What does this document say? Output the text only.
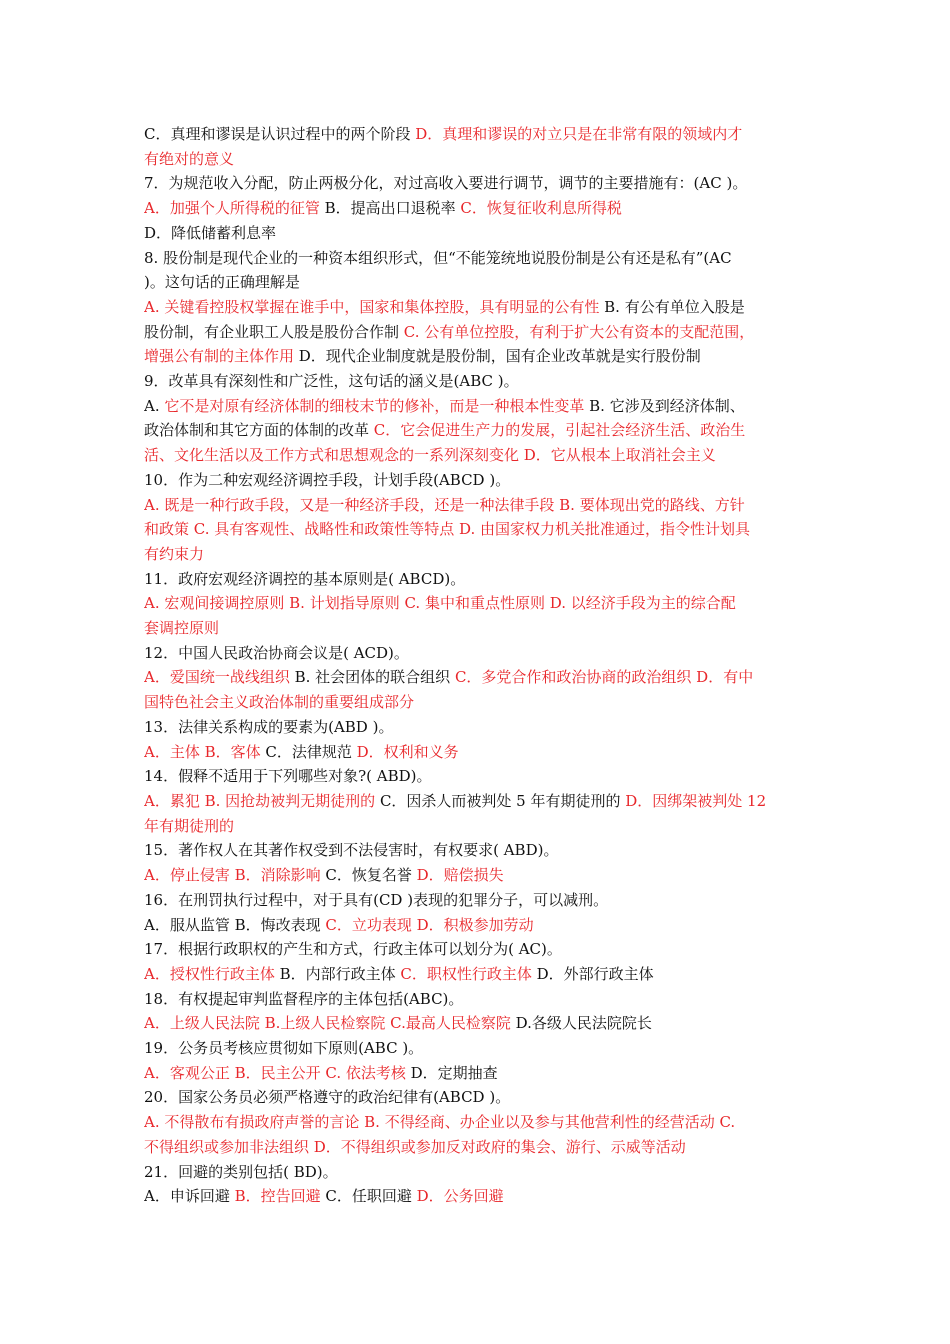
C．真理和谬误是认识过程中的两个阶段 D．真理和谬误的对立只是在非常有限的领域内才
有绝对的意义
7．为规范收入分配，防止两极分化，对过高收入要进行调节，调节的主要措施有：(AC )。
A．加强个人所得税的征管 B．提高出口退税率 C．恢复征收利息所得税
D．降低储蓄利息率
8. 股份制是现代企业的一种资本组织形式，但“不能笼统地说股份制是公有还是私有”(AC
)。这句话的正确理解是
A. 关键看控股权掌握在谁手中，国家和集体控股，具有明显的公有性 B. 有公有单位入股是
股份制，有企业职工人股是股份合作制 C. 公有单位控股，有利于扩大公有资本的支配范围，
增强公有制的主体作用 D．现代企业制度就是股份制，国有企业改革就是实行股份制
9．改革具有深刻性和广泛性，这句话的涵义是(ABC )。
A. 它不是对原有经济体制的细枝末节的修补，而是一种根本性变革 B. 它涉及到经济体制、
政治体制和其它方面的体制的改革 C．它会促进生产力的发展，引起社会经济生活、政治生
活、文化生活以及工作方式和思想观念的一系列深刻变化 D．它从根本上取消社会主义
10．作为二种宏观经济调控手段，计划手段(ABCD )。
A. 既是一种行政手段，又是一种经济手段，还是一种法律手段 B. 要体现出党的路线、方针
和政策 C. 具有客观性、战略性和政策性等特点 D. 由国家权力机关批准通过，指令性计划具
有约束力
11．政府宏观经济调控的基本原则是( ABCD)。
A. 宏观间接调控原则 B. 计划指导原则 C. 集中和重点性原则 D. 以经济手段为主的综合配
套调控原则
12．中国人民政治协商会议是( ACD)。
A．爱国统一战线组织 B. 社会团体的联合组织 C．多党合作和政治协商的政治组织 D．有中
国特色社会主义政治体制的重要组成部分
13．法律关系构成的要素为(ABD )。
A．主体 B．客体 C．法律规范 D．权利和义务
14．假释不适用于下列哪些对象?( ABD)。
A．累犯 B. 因抢劫被判无期徒刑的 C．因杀人而被判处 5 年有期徒刑的 D．因绑架被判处 12
年有期徒刑的
15．著作权人在其著作权受到不法侵害时，有权要求( ABD)。
A．停止侵害 B．消除影响 C．恢复名誉 D．赔偿损失
16．在刑罚执行过程中，对于具有(CD )表现的犯罪分子，可以减刑。
A．服从监管 B．悔改表现 C．立功表现 D．积极参加劳动
17．根据行政职权的产生和方式，行政主体可以划分为( AC)。
A．授权性行政主体 B．内部行政主体 C．职权性行政主体 D．外部行政主体
18．有权提起审判监督程序的主体包括(ABC)。
A．上级人民法院 B.上级人民检察院 C.最高人民检察院 D.各级人民法院院长
19．公务员考核应贯彻如下原则(ABC )。
A．客观公正 B．民主公开 C. 依法考核 D．定期抽查
20．国家公务员必须严格遵守的政治纪律有(ABCD )。
A. 不得散布有损政府声誉的言论 B. 不得经商、办企业以及参与其他营利性的经营活动 C.
不得组织或参加非法组织 D．不得组织或参加反对政府的集会、游行、示威等活动
21．回避的类别包括( BD)。
A．申诉回避 B．控告回避 C．任职回避 D．公务回避
